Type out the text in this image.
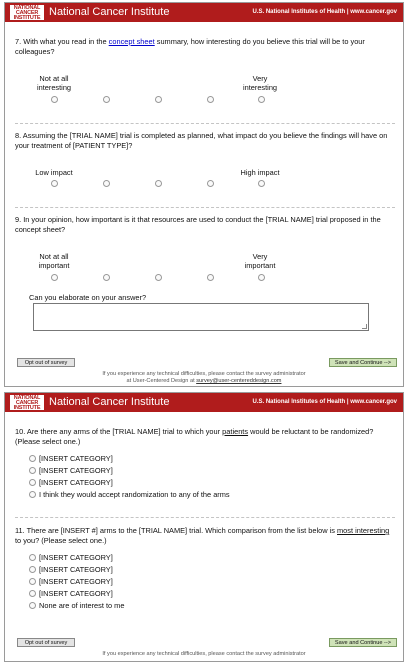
NATIONAL
CANCER
INSTITUTE National Cancer Institute	U.S. National Institutes of Health | www.cancer.gov
7. With what you read in the concept sheet summary, how interesting do you believe this trial will be to your colleagues?
Not at all
interesting
Very
interesting
8. Assuming the [TRIAL NAME] trial is completed as planned, what impact do you believe the findings will have on your treatment of [PATIENT TYPE]?
Low impact	High impact
9. In your opinion, how important is it that resources are used to conduct the [TRIAL NAME] trial proposed in the concept sheet?
Not at all
important
Very
important
Can you elaborate on your answer?
Opt out of survey	Save and Continue -->
If you experience any technical difficulties, please contact the survey administrator
at User-Centered Design at survey@user-centereddesign.com
NATIONAL
CANCER
INSTITUTE National Cancer Institute	U.S. National Institutes of Health | www.cancer.gov
10. Are there any arms of the [TRIAL NAME] trial to which your patients would be reluctant to be randomized? (Please select one.)
[INSERT CATEGORY]
[INSERT CATEGORY]
[INSERT CATEGORY]
I think they would accept randomization to any of the arms
11. There are [INSERT #] arms to the [TRIAL NAME] trial. Which comparison from the list below is most interesting to you? (Please select one.)
[INSERT CATEGORY]
[INSERT CATEGORY]
[INSERT CATEGORY]
[INSERT CATEGORY]
None are of interest to me
Opt out of survey	Save and Continue -->
If you experience any technical difficulties, please contact the survey administrator
